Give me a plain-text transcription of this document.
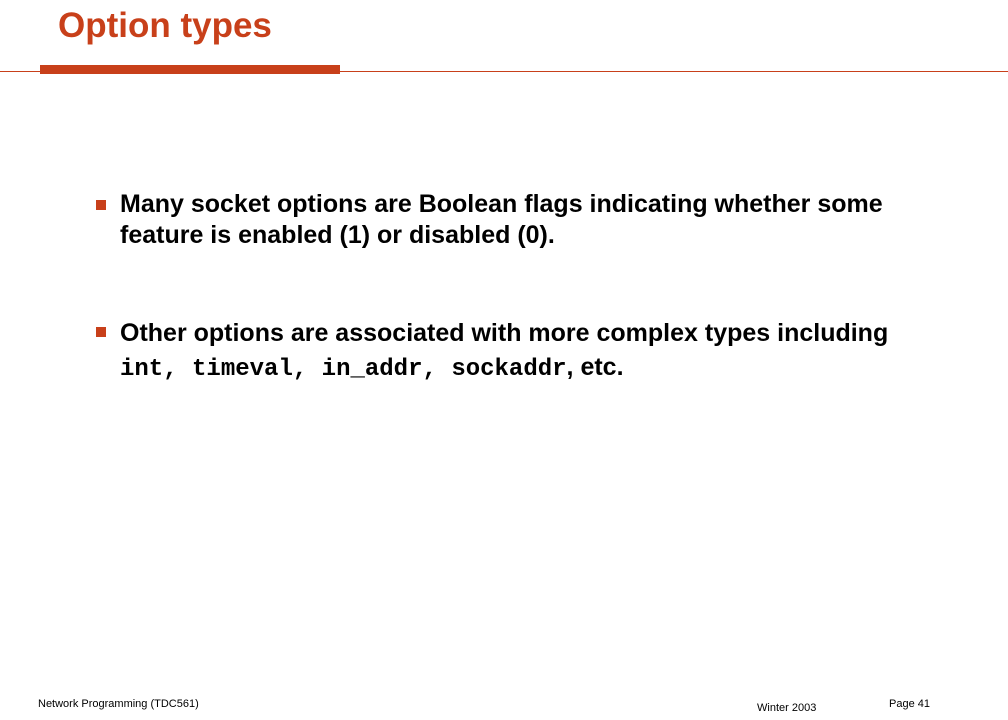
Option types
Many socket options are Boolean flags indicating whether some feature is enabled (1) or disabled (0).
Other options are associated with more complex types including int, timeval, in_addr, sockaddr, etc.
Network Programming (TDC561)	Winter 2003	Page 41
